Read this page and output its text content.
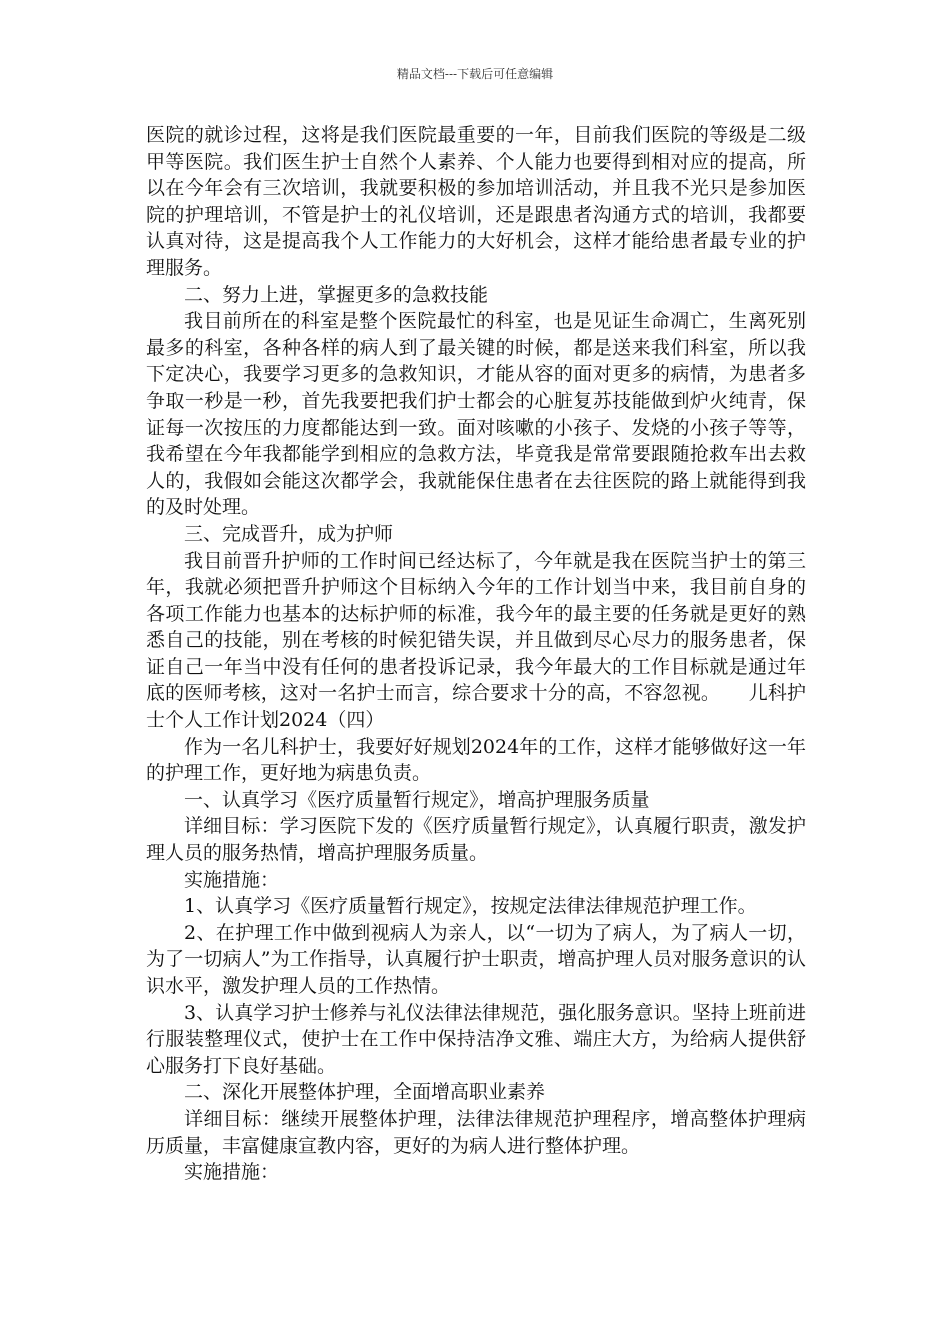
精品文档---下载后可任意编辑

医院的就诊过程，这将是我们医院最重要的一年，目前我们医院的等级是二级甲等医院。我们医生护士自然个人素养、个人能力也要得到相对应的提高，所以在今年会有三次培训，我就要积极的参加培训活动，并且我不光只是参加医院的护理培训，不管是护士的礼仪培训，还是跟患者沟通方式的培训，我都要认真对待，这是提高我个人工作能力的大好机会，这样才能给患者最专业的护理服务。

二、努力上进，掌握更多的急救技能

我目前所在的科室是整个医院最忙的科室，也是见证生命凋亡，生离死别最多的科室，各种各样的病人到了最关键的时候，都是送来我们科室，所以我下定决心，我要学习更多的急救知识，才能从容的面对更多的病情，为患者多争取一秒是一秒，首先我要把我们护士都会的心脏复苏技能做到炉火纯青，保证每一次按压的力度都能达到一致。面对咳嗽的小孩子、发烧的小孩子等等，我希望在今年我都能学到相应的急救方法，毕竟我是常常要跟随抢救车出去救人的，我假如会能这次都学会，我就能保住患者在去往医院的路上就能得到我的及时处理。

三、完成晋升，成为护师

我目前晋升护师的工作时间已经达标了，今年就是我在医院当护士的第三年，我就必须把晋升护师这个目标纳入今年的工作计划当中来，我目前自身的各项工作能力也基本的达标护师的标准，我今年的最主要的任务就是更好的熟悉自己的技能，别在考核的时候犯错失误，并且做到尽心尽力的服务患者，保证自己一年当中没有任何的患者投诉记录，我今年最大的工作目标就是通过年底的医师考核，这对一名护士而言，综合要求十分的高，不容忽视。　　儿科护士个人工作计划2024（四）

作为一名儿科护士，我要好好规划2024年的工作，这样才能够做好这一年的护理工作，更好地为病患负责。

一、认真学习《医疗质量暂行规定》，增高护理服务质量

详细目标：学习医院下发的《医疗质量暂行规定》，认真履行职责，激发护理人员的服务热情，增高护理服务质量。

实施措施：

1、认真学习《医疗质量暂行规定》，按规定法律法律规范护理工作。

2、在护理工作中做到视病人为亲人，以“一切为了病人，为了病人一切，为了一切病人”为工作指导，认真履行护士职责，增高护理人员对服务意识的认识水平，激发护理人员的工作热情。

3、认真学习护士修养与礼仪法律法律规范，强化服务意识。坚持上班前进行服装整理仪式，使护士在工作中保持洁净文雅、端庄大方，为给病人提供舒心服务打下良好基础。

二、深化开展整体护理，全面增高职业素养

详细目标：继续开展整体护理，法律法律规范护理程序，增高整体护理病历质量，丰富健康宣教内容，更好的为病人进行整体护理。

实施措施：
